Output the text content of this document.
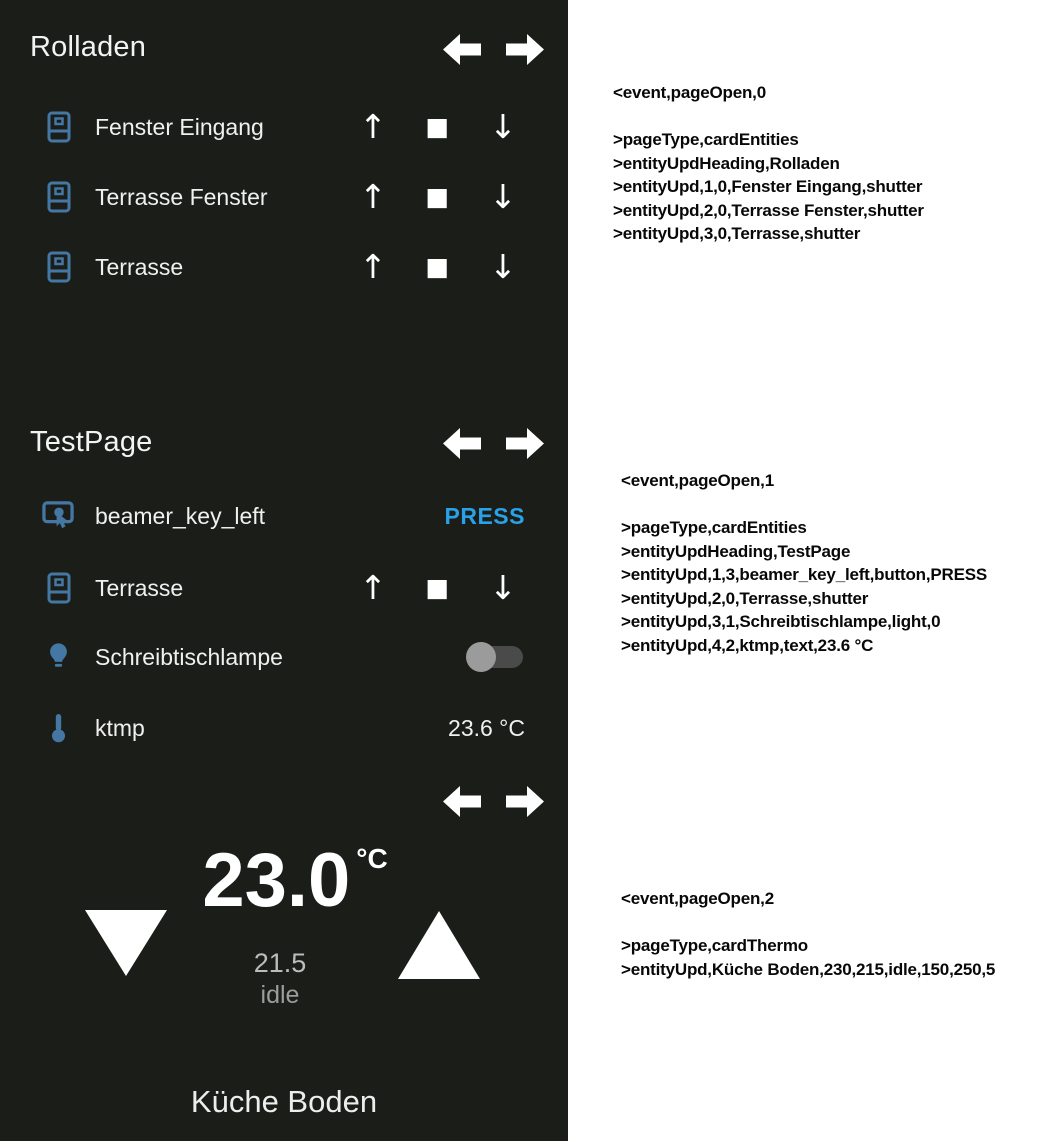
Rolladen
Fenster Eingang	↑ ■ ↓
Terrasse Fenster	↑ ■ ↓
Terrasse	↑ ■ ↓
TestPage
beamer_key_left	PRESS
Terrasse	↑ ■ ↓
Schreibtischlampe
ktmp	23.6 °C
23.0 °C
21.5
idle
Küche Boden
<event,pageOpen,0
>pageType,cardEntities
>entityUpdHeading,Rolladen
>entityUpd,1,0,Fenster Eingang,shutter
>entityUpd,2,0,Terrasse Fenster,shutter
>entityUpd,3,0,Terrasse,shutter
<event,pageOpen,1
>pageType,cardEntities
>entityUpdHeading,TestPage
>entityUpd,1,3,beamer_key_left,button,PRESS
>entityUpd,2,0,Terrasse,shutter
>entityUpd,3,1,Schreibtischlampe,light,0
>entityUpd,4,2,ktmp,text,23.6 °C
<event,pageOpen,2
>pageType,cardThermo
>entityUpd,Küche Boden,230,215,idle,150,250,5
